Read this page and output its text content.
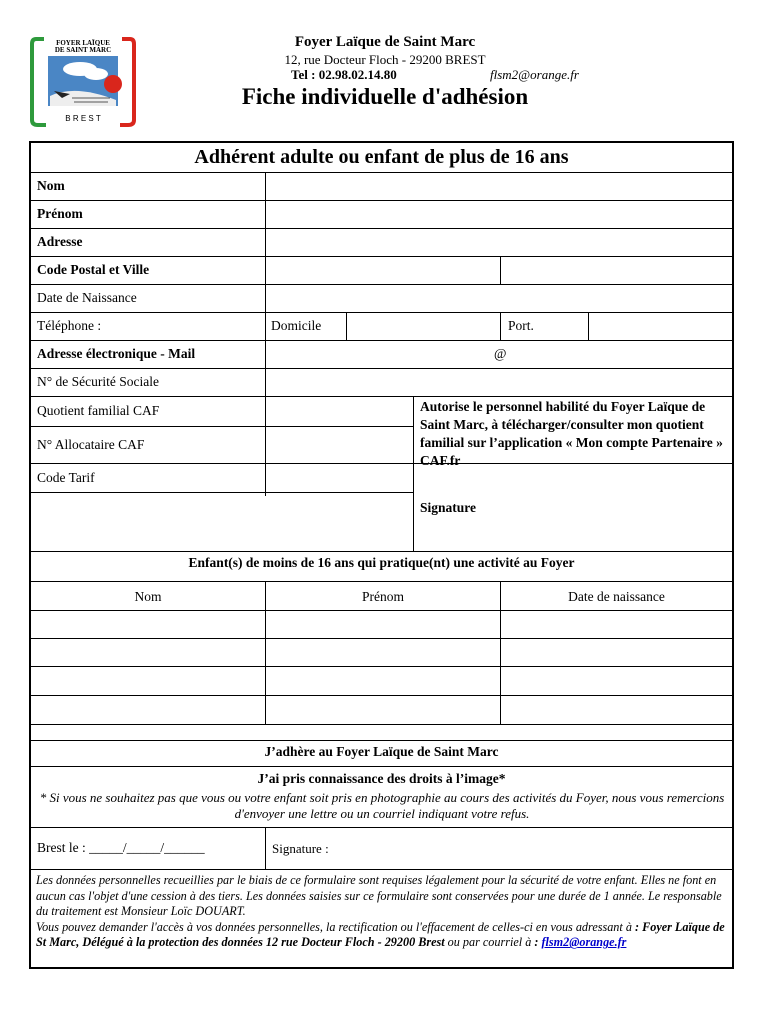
FOYER LAÏQUE
DE SAINT MARC
B R E S T
Foyer Laïque de Saint Marc
12, rue Docteur Floch - 29200 BREST
Tel : 02.98.02.14.80	flsm2@orange.fr
Fiche individuelle d'adhésion
Adhérent adulte ou enfant de plus de 16 ans
Nom
Prénom
Adresse
Code Postal et Ville
Date de Naissance
Téléphone :	Domicile	Port.
Adresse électronique - Mail	@
N° de Sécurité Sociale
Quotient familial CAF
N° Allocataire CAF
Code Tarif
Autorise le personnel habilité du Foyer Laïque de Saint Marc, à télécharger/consulter mon quotient familial sur l’application « Mon compte Partenaire » CAF.fr
Signature
Enfant(s) de moins de 16 ans qui pratique(nt) une activité au Foyer
Nom	Prénom	Date de naissance
J’adhère au Foyer Laïque de Saint Marc
J’ai pris connaissance des droits à l’image*
* Si vous ne souhaitez pas que vous ou votre enfant soit pris en photographie au cours des activités du Foyer, nous vous remercions d'envoyer une lettre ou un courriel indiquant votre refus.
Brest le : _____/_____/______	Signature :
Les données personnelles recueillies par le biais de ce formulaire sont requises légalement pour la sécurité de votre enfant. Elles ne font en aucun cas l'objet d'une cession à des tiers. Les données saisies sur ce formulaire sont conservées pour une durée de 1 année. Le responsable du traitement est Monsieur Loïc DOUART.
Vous pouvez demander l'accès à vos données personnelles, la rectification ou l'effacement de celles-ci en vous adressant à : Foyer Laïque de St Marc, Délégué à la protection des données 12 rue Docteur Floch - 29200 Brest ou par courriel à : flsm2@orange.fr
